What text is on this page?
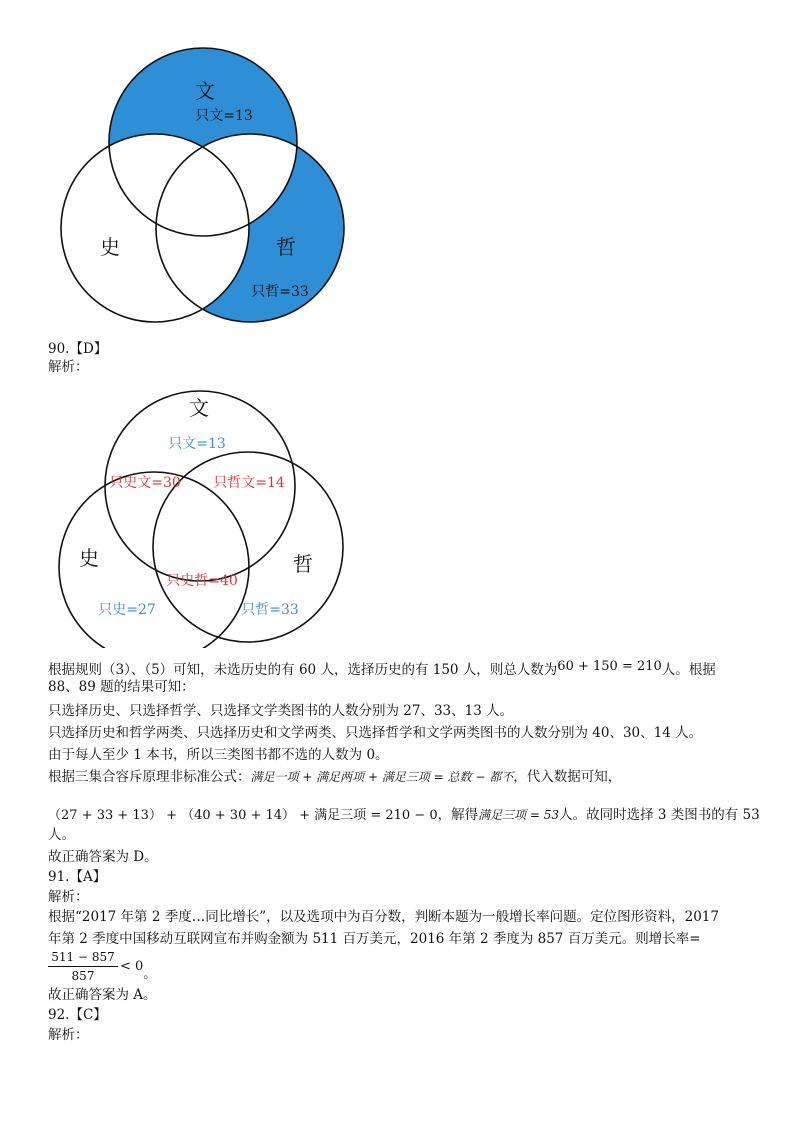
文
只文=13
史	哲
只哲=33
90.【D】
解析：
文
只文=13
只史文=30 只哲文=14
史	哲
只史哲=40
只史=27	只哲=33
根据规则（3）、（5）可知，未选历史的有 60 人，选择历史的有 150 人，则总人数为60 + 150 = 210人。根据
88、89 题的结果可知：
只选择历史、只选择哲学、只选择文学类图书的人数分别为 27、33、13 人。
只选择历史和哲学两类、只选择历史和文学两类、只选择哲学和文学两类图书的人数分别为 40、30、14 人。
由于每人至少 1 本书，所以三类图书都不选的人数为 0。
根据三集合容斥原理非标准公式：满足一项 + 满足两项 + 满足三项 = 总数 − 都不，代入数据可知，
（27 + 33 + 13） + （40 + 30 + 14） + 满足三项 = 210 − 0，解得满足三项 = 53人。故同时选择 3 类图书的有 53
人。
故正确答案为 D。
91.【A】
解析：
根据“2017 年第 2 季度…同比增长”，以及选项中为百分数，判断本题为一般增长率问题。定位图形资料，2017
年第 2 季度中国移动互联网宣布并购金额为 511 百万美元，2016 年第 2 季度为 857 百万美元。则增长率=
511 − 857
857
< 0。
故正确答案为 A。
92.【C】
解析：
